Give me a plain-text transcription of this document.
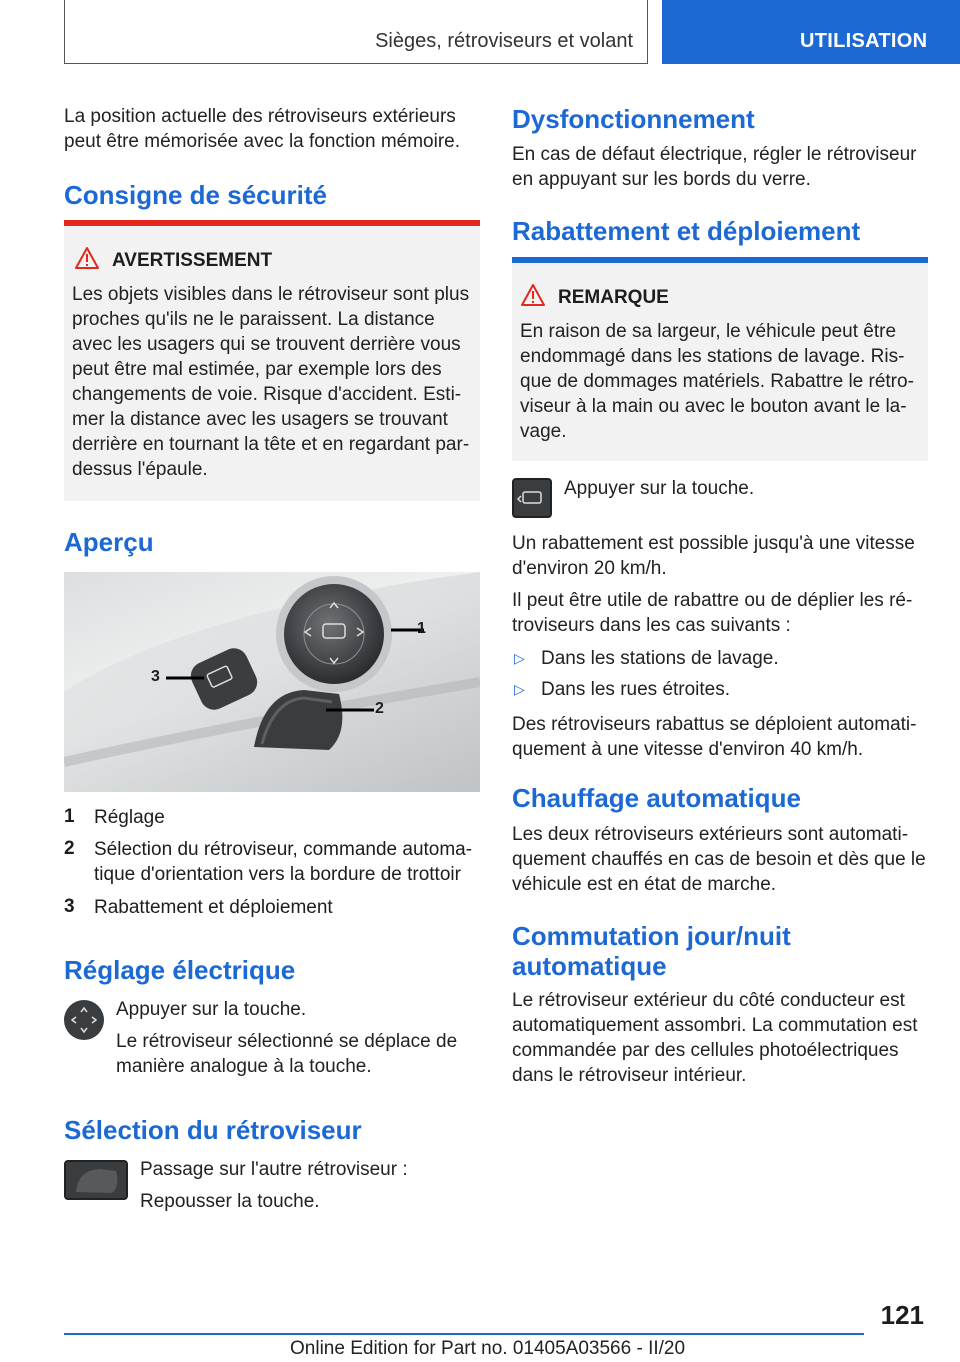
Sièges, rétroviseurs et volant	UTILISATION

La position actuelle des rétroviseurs extérieurs peut être mémorisée avec la fonction mémoire.

Consigne de sécurité
AVERTISSEMENT

Les objets visibles dans le rétroviseur sont plus proches qu'ils ne le paraissent. La distance avec les usagers qui se trouvent derrière vous peut être mal estimée, par exemple lors des changements de voie. Risque d'accident. Estimer la distance avec les usagers se trouvant derrière en tournant la tête et en regardant pardessus l'épaule.

Aperçu
1
2
3
1 Réglage
2 Sélection du rétroviseur, commande automatique d'orientation vers la bordure de trottoir
3 Rabattement et déploiement
Réglage électrique

Appuyer sur la touche.

Le rétroviseur sélectionné se déplace de manière analogue à la touche.

Sélection du rétroviseur

Passage sur l'autre rétroviseur :

Repousser la touche.

Dysfonctionnement

En cas de défaut électrique, régler le rétroviseur en appuyant sur les bords du verre.

Rabattement et déploiement
REMARQUE

En raison de sa largeur, le véhicule peut être endommagé dans les stations de lavage. Risque de dommages matériels. Rabattre le rétroviseur à la main ou avec le bouton avant le lavage.

Appuyer sur la touche.

Un rabattement est possible jusqu'à une vitesse d'environ 20 km/h.

Il peut être utile de rabattre ou de déplier les rétroviseurs dans les cas suivants :

▷ Dans les stations de lavage.

▷ Dans les rues étroites.

Des rétroviseurs rabattus se déploient automatiquement à une vitesse d'environ 40 km/h.

Chauffage automatique

Les deux rétroviseurs extérieurs sont automatiquement chauffés en cas de besoin et dès que le véhicule est en état de marche.

Commutation jour/nuit
automatique

Le rétroviseur extérieur du côté conducteur est automatiquement assombri. La commutation est commandée par des cellules photoélectriques dans le rétroviseur intérieur.

121
Online Edition for Part no. 01405A03566 - II/20
